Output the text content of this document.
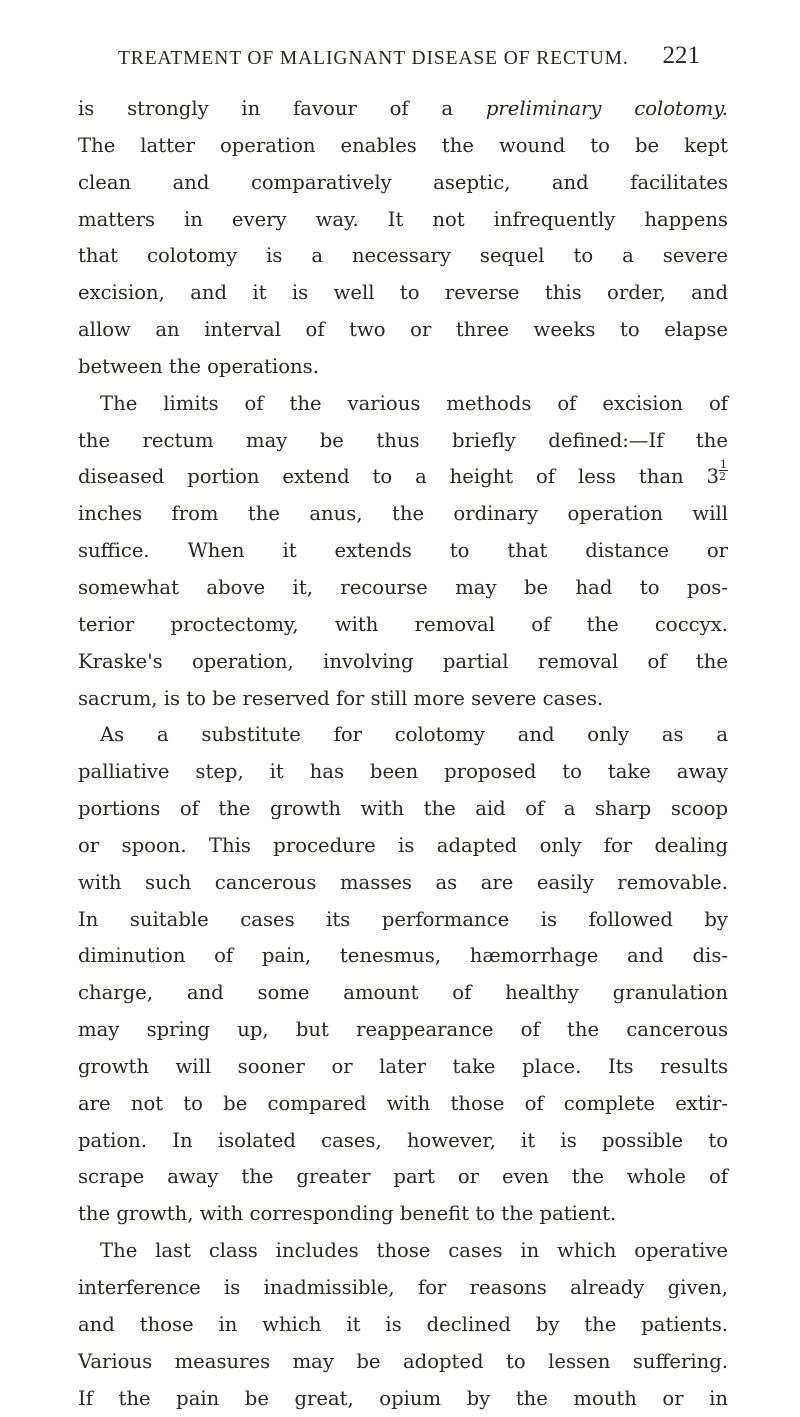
TREATMENT OF MALIGNANT DISEASE OF RECTUM. 221
is strongly in favour of a preliminary colotomy.
The latter operation enables the wound to be kept
clean and comparatively aseptic, and facilitates
matters in every way. It not infrequently happens
that colotomy is a necessary sequel to a severe
excision, and it is well to reverse this order, and
allow an interval of two or three weeks to elapse
between the operations.
The limits of the various methods of excision of
the rectum may be thus briefly defined:—If the
diseased portion extend to a height of less than $3 \frac{1}{2}$
inches from the anus, the ordinary operation will
suffice. When it extends to that distance or
somewhat above it, recourse may be had to pos-
terior proctectomy, with removal of the coccyx.
Kraske's operation, involving partial removal of the
sacrum, is to be reserved for still more severe cases.
As a substitute for colotomy and only as a
palliative step, it has been proposed to take away
portions of the growth with the aid of a sharp scoop
or spoon. This procedure is adapted only for dealing
with such cancerous masses as are easily removable.
In suitable cases its performance is followed by
diminution of pain, tenesmus, hæmorrhage and dis-
charge, and some amount of healthy granulation
may spring up, but reappearance of the cancerous
growth will sooner or later take place. Its results
are not to be compared with those of complete extir-
pation. In isolated cases, however, it is possible to
scrape away the greater part or even the whole of
the growth, with corresponding benefit to the patient.
The last class includes those cases in which operative
interference is inadmissible, for reasons already given,
and those in which it is declined by the patients.
Various measures may be adopted to lessen suffering.
If the pain be great, opium by the mouth or in
